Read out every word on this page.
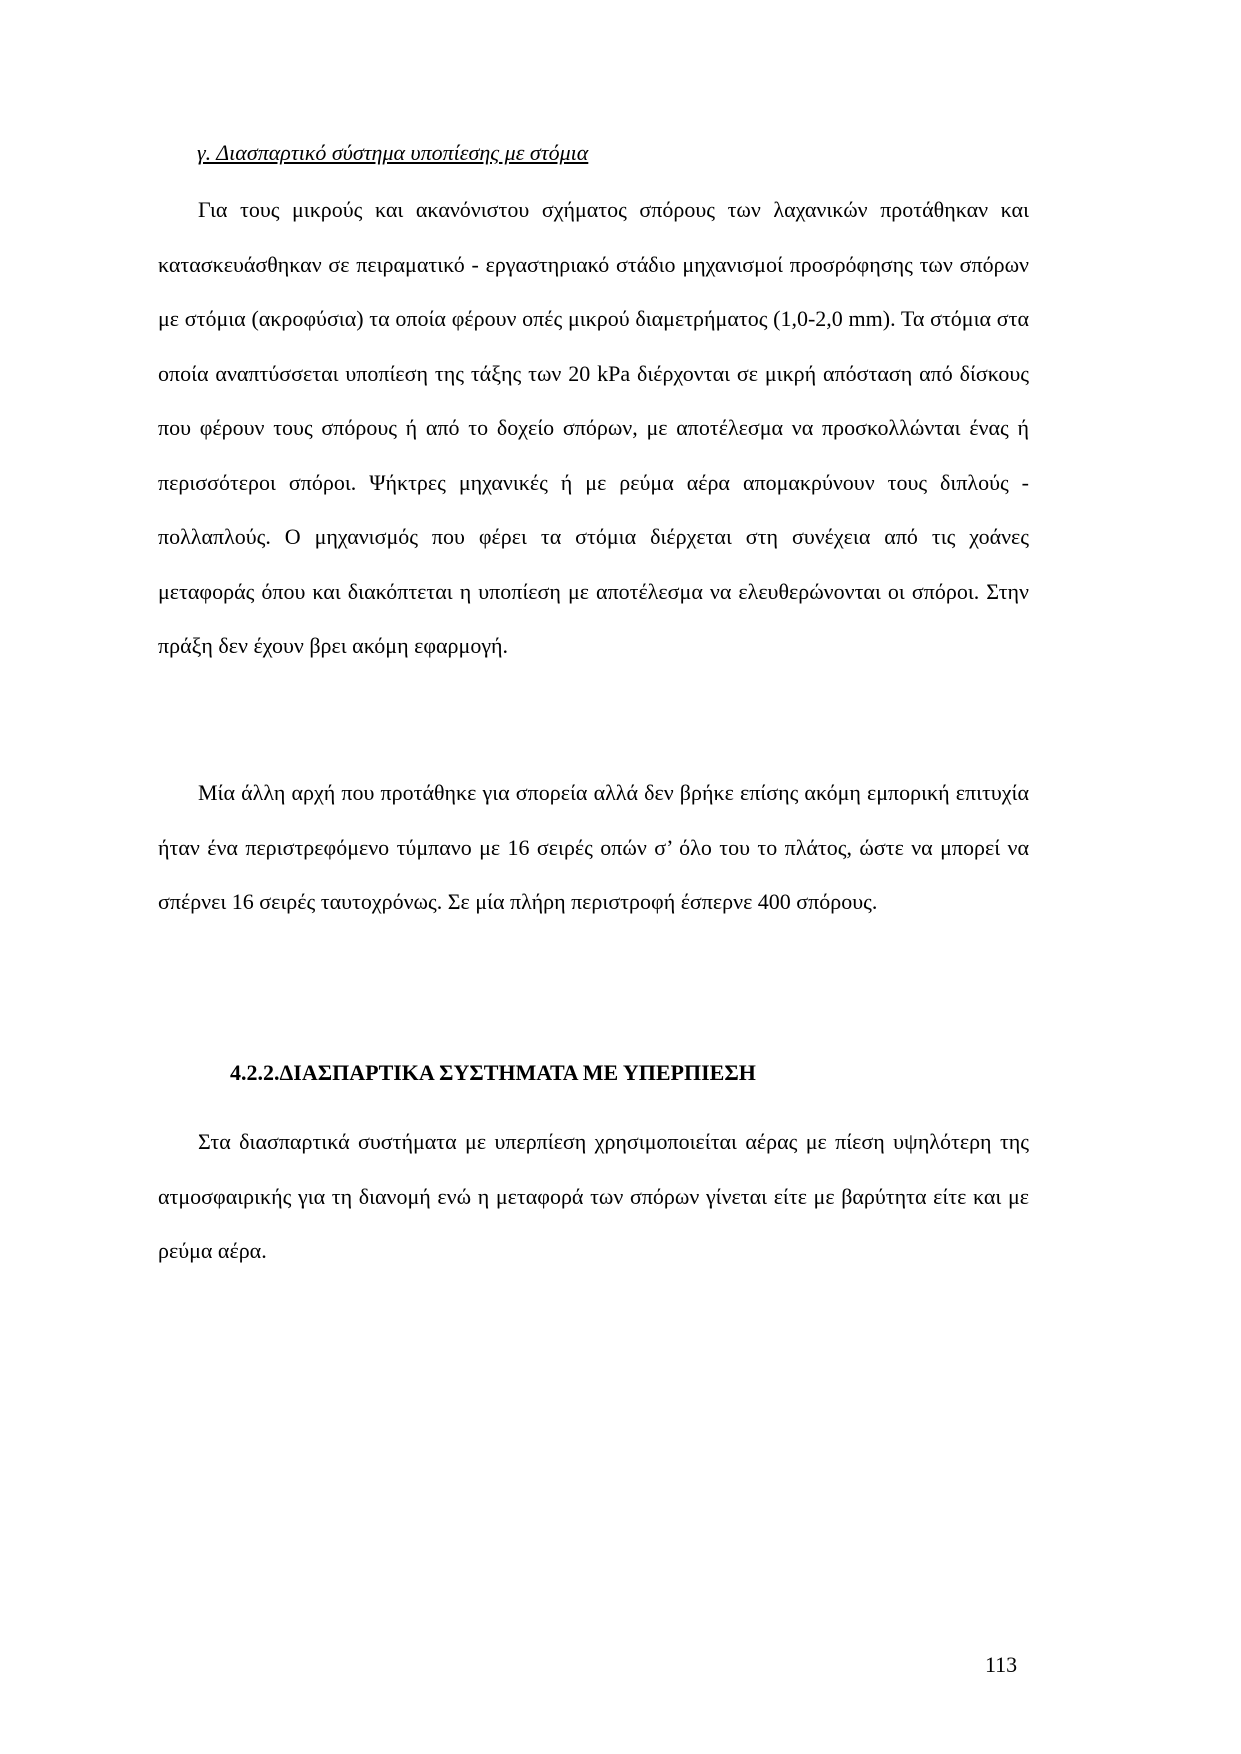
γ. Διασπαρτικό σύστημα υποπίεσης με στόμια

Για τους μικρούς και ακανόνιστου σχήματος σπόρους των λαχανικών προτάθηκαν και κατασκευάσθηκαν σε πειραματικό - εργαστηριακό στάδιο μηχανισμοί προσρόφησης των σπόρων με στόμια (ακροφύσια) τα οποία φέρουν οπές μικρού διαμετρήματος (1,0-2,0 mm). Τα στόμια στα οποία αναπτύσσεται υποπίεση της τάξης των 20 kPa διέρχονται σε μικρή απόσταση από δίσκους που φέρουν τους σπόρους ή από το δοχείο σπόρων, με αποτέλεσμα να προσκολλώνται ένας ή περισσότεροι σπόροι. Ψήκτρες μηχανικές ή με ρεύμα αέρα απομακρύνουν τους διπλούς - πολλαπλούς. Ο μηχανισμός που φέρει τα στόμια διέρχεται στη συνέχεια από τις χοάνες μεταφοράς όπου και διακόπτεται η υποπίεση με αποτέλεσμα να ελευθερώνονται οι σπόροι. Στην πράξη δεν έχουν βρει ακόμη εφαρμογή.

Μία άλλη αρχή που προτάθηκε για σπορεία αλλά δεν βρήκε επίσης ακόμη εμπορική επιτυχία ήταν ένα περιστρεφόμενο τύμπανο με 16 σειρές οπών σ’ όλο του το πλάτος, ώστε να μπορεί να σπέρνει 16 σειρές ταυτοχρόνως. Σε μία πλήρη περιστροφή έσπερνε 400 σπόρους.

4.2.2.ΔΙΑΣΠΑΡΤΙΚΑ ΣΥΣΤΗΜΑΤΑ ΜΕ ΥΠΕΡΠΙΕΣΗ

Στα διασπαρτικά συστήματα με υπερπίεση χρησιμοποιείται αέρας με πίεση υψηλότερη της ατμοσφαιρικής για τη διανομή ενώ η μεταφορά των σπόρων γίνεται είτε με βαρύτητα είτε και με ρεύμα αέρα.

113
